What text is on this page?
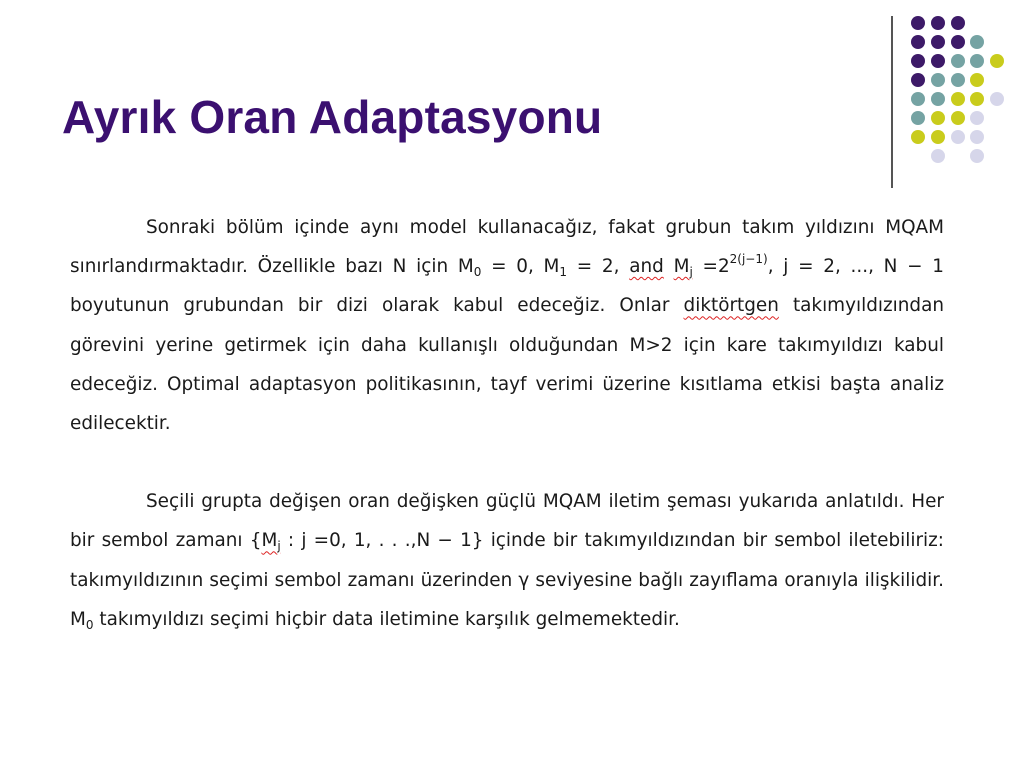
Ayrık Oran Adaptasyonu

Sonraki bölüm içinde aynı model kullanacağız, fakat grubun takım yıldızını MQAM sınırlandırmaktadır. Özellikle bazı N için $M_0 = 0$, $M_1 = 2$, and $M_j =2^{2(j-1)}$, j = 2, ..., N − 1 boyutunun grubundan bir dizi olarak kabul edeceğiz. Onlar diktörtgen takımyıldızından görevini yerine getirmek için daha kullanışlı olduğundan M>2 için kare takımyıldızı kabul edeceğiz. Optimal adaptasyon politikasının, tayf verimi üzerine kısıtlama etkisi başta analiz edilecektir.

Seçili grupta değişen oran değişken güçlü MQAM iletim şeması yukarıda anlatıldı. Her bir sembol zamanı {$M_j$ : j =0, 1, . . .,N − 1} içinde bir takımyıldızından bir sembol iletebiliriz: takımyıldızının seçimi sembol zamanı üzerinden γ seviyesine bağlı zayıflama oranıyla ilişkilidir. $M_0$ takımyıldızı seçimi hiçbir data iletimine karşılık gelmemektedir.
